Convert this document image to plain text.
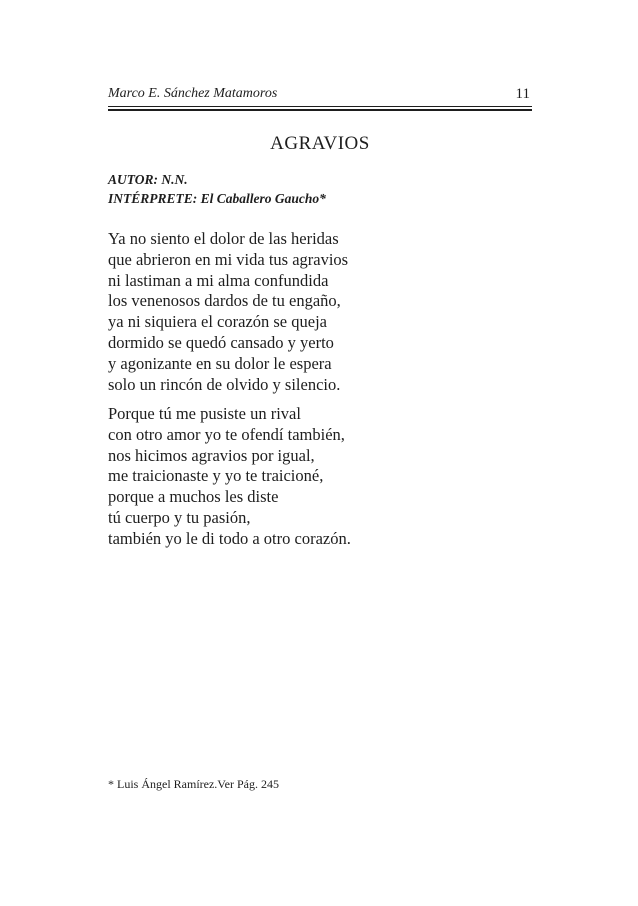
Marco E. Sánchez Matamoros	11
AGRAVIOS
AUTOR: N.N.
INTÉRPRETE: El Caballero Gaucho*
Ya no siento el dolor de las heridas
que abrieron en mi vida tus agravios
ni lastiman a mi alma confundida
los venenosos dardos de tu engaño,
ya ni siquiera el corazón se queja
dormido se quedó cansado y yerto
y agonizante en su dolor le espera
solo un rincón de olvido y silencio.
Porque tú me pusiste un rival
con otro amor yo te ofendí también,
nos hicimos agravios por igual,
me traicionaste y yo te traicioné,
porque a muchos les diste
tú cuerpo y tu pasión,
también yo le di todo a otro corazón.
* Luis Ángel Ramírez.Ver Pág. 245
